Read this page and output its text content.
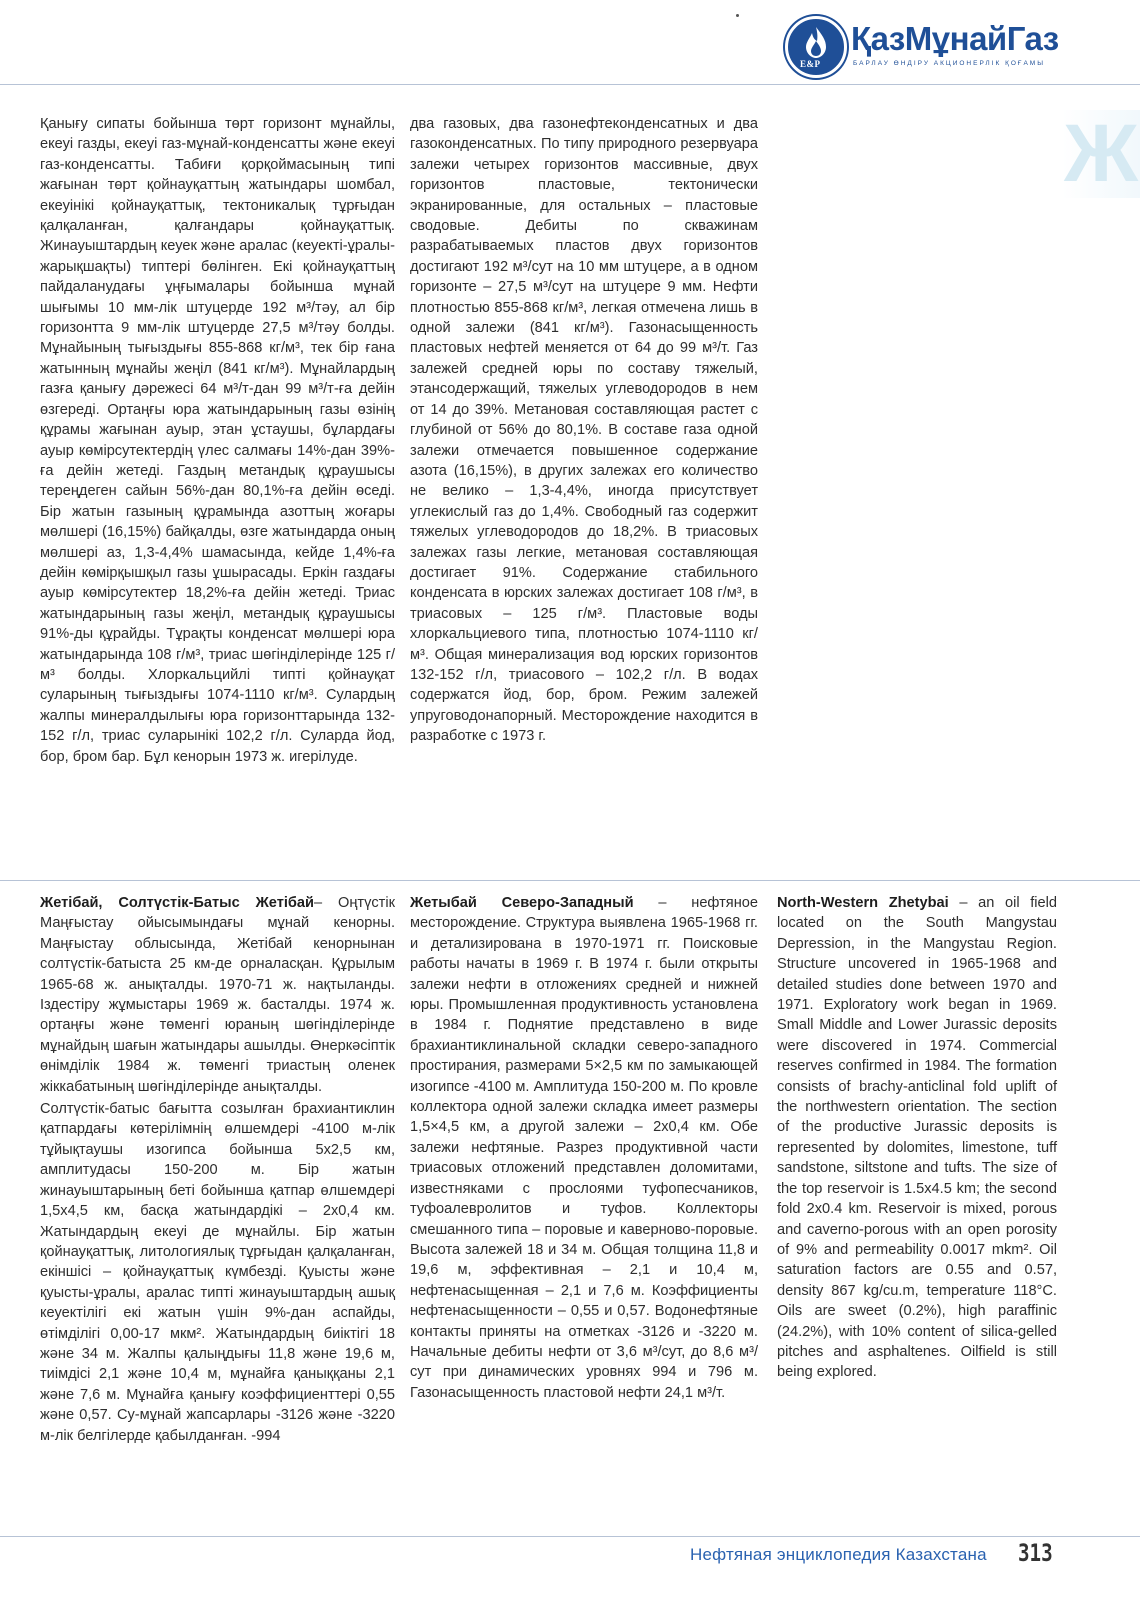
E&P
ҚазМұнайГаз
БАРЛАУ ӨНДІРУ АКЦИОНЕРЛІК ҚОҒАМЫ
Ж

Қанығу сипаты бойынша төрт горизонт мұнайлы, екеуі газды, екеуі газ-мұнай-конденсатты және екеуі газ-конденсатты. Табиғи қорқоймасының типі жағынан төрт қойнауқаттың жатындары шомбал, екеуінікі қойнауқаттық, тектоникалық тұрғыдан қалқаланған, қалғандары қойнауқаттық. Жинауыштардың кеуек және аралас (кеуекті-ұралы-жарықшақты) типтері бөлінген. Екі қойнауқаттың пайдаланудағы ұңғымалары бойынша мұнай шығымы 10 мм-лік штуцерде 192 м³/тәу, ал бір горизонтта 9 мм-лік штуцерде 27,5 м³/тәу болды. Мұнайының тығыздығы 855-868 кг/м³, тек бір ғана жатынның мұнайы жеңіл (841 кг/м³). Мұнайлардың газға қанығу дәрежесі 64 м³/т-дан 99 м³/т-ға дейін өзгереді. Ортаңғы юра жатындарының газы өзінің құрамы жағынан ауыр, этан ұстаушы, бұлардағы ауыр көмірсутектердің үлес салмағы 14%-дан 39%-ға дейін жетеді. Газдың метандық құраушысы тереңдеген сайын 56%-дан 80,1%-ға дейін өседі. Бір жатын газының құрамында азоттың жоғары мөлшері (16,15%) байқалды, өзге жатындарда оның мөлшері аз, 1,3-4,4% шамасында, кейде 1,4%-ға дейін көмірқышқыл газы ұшырасады. Еркін газдағы ауыр көмірсутектер 18,2%-ға дейін жетеді. Триас жатындарының газы жеңіл, метандық құраушысы 91%-ды құрайды. Тұрақты конденсат мөлшері юра жатындарында 108 г/м³, триас шөгінділерінде 125 г/м³ болды. Хлоркальцийлі типті қойнауқат суларының тығыздығы 1074-1110 кг/м³. Сулардың жалпы минералдылығы юра горизонттарында 132-152 г/л, триас суларынікі 102,2 г/л. Суларда йод, бор, бром бар. Бұл кенорын 1973 ж. игерілуде.

два газовых, два газонефтеконденсатных и два газоконденсатных. По типу природного резервуара залежи четырех горизонтов массивные, двух горизонтов пластовые, тектонически экранированные, для остальных – пластовые сводовые. Дебиты по скважинам разрабатываемых пластов двух горизонтов достигают 192 м³/сут на 10 мм штуцере, а в одном горизонте – 27,5 м³/сут на штуцере 9 мм. Нефти плотностью 855-868 кг/м³, легкая отмечена лишь в одной залежи (841 кг/м³). Газонасыщенность пластовых нефтей меняется от 64 до 99 м³/т. Газ залежей средней юры по составу тяжелый, этансодержащий, тяжелых углеводородов в нем от 14 до 39%. Метановая составляющая растет с глубиной от 56% до 80,1%. В составе газа одной залежи отмечается повышенное содержание азота (16,15%), в других залежах его количество не велико – 1,3-4,4%, иногда присутствует углекислый газ до 1,4%. Свободный газ содержит тяжелых углеводородов до 18,2%. В триасовых залежах газы легкие, метановая составляющая достигает 91%. Содержание стабильного конденсата в юрских залежах достигает 108 г/м³, в триасовых – 125 г/м³. Пластовые воды хлоркальциевого типа, плотностью 1074-1110 кг/м³. Общая минерализация вод юрских горизонтов 132-152 г/л, триасового – 102,2 г/л. В водах содержатся йод, бор, бром. Режим залежей упруговодонапорный. Месторождение находится в разработке с 1973 г.

Жетібай, Солтүстік-Батыс Жетібай– Оңтүстік Маңғыстау ойысымындағы мұнай кенорны. Маңғыстау облысында, Жетібай кенорнынан солтүстік-батыста 25 км-де орналасқан. Құрылым 1965-68 ж. анықталды. 1970-71 ж. нақтыланды. Іздестіру жұмыстары 1969 ж. басталды. 1974 ж. ортаңғы және төменгі юраның шөгінділерінде мұнайдың шағын жатындары ашылды. Өнеркәсіптік өнімділік 1984 ж. төменгі триастың оленек жіккабатының шөгінділерінде анықталды.

Солтүстік-батыс бағытта созылған брахиантиклин қатпардағы көтерілімнің өлшемдері -4100 м-лік тұйықтаушы изогипса бойынша 5х2,5 км, амплитудасы 150-200 м. Бір жатын жинауыштарының беті бойынша қатпар өлшемдері 1,5х4,5 км, басқа жатындардікі – 2х0,4 км. Жатындардың екеуі де мұнайлы. Бір жатын қойнауқаттық, литологиялық тұрғыдан қалқаланған, екіншісі – қойнауқаттық күмбезді. Қуысты және қуысты-ұралы, аралас типті жинауыштардың ашық кеуектілігі екі жатын үшін 9%-дан аспайды, өтімділігі 0,00-17 мкм². Жатындардың биіктігі 18 және 34 м. Жалпы қалыңдығы 11,8 және 19,6 м, тиімдісі 2,1 және 10,4 м, мұнайға қаныққаны 2,1 және 7,6 м. Мұнайға қанығу коэффициенттері 0,55 және 0,57. Су-мұнай жапсарлары -3126 және -3220 м-лік белгілерде қабылданған. -994

Жетыбай Северо-Западный – нефтяное месторождение. Структура выявлена 1965-1968 гг. и детализирована в 1970-1971 гг. Поисковые работы начаты в 1969 г. В 1974 г. были открыты залежи нефти в отложениях средней и нижней юры. Промышленная продуктивность установлена в 1984 г. Поднятие представлено в виде брахиантиклинальной складки северо-западного простирания, размерами 5×2,5 км по замыкающей изогипсе -4100 м. Амплитуда 150-200 м. По кровле коллектора одной залежи складка имеет размеры 1,5×4,5 км, а другой залежи – 2х0,4 км. Обе залежи нефтяные. Разрез продуктивной части триасовых отложений представлен доломитами, известняками с прослоями туфопесчаников, туфоалевролитов и туфов. Коллекторы смешанного типа – поровые и каверново-поровые. Высота залежей 18 и 34 м. Общая толщина 11,8 и 19,6 м, эффективная – 2,1 и 10,4 м, нефтенасыщенная – 2,1 и 7,6 м. Коэффициенты нефтенасыщенности – 0,55 и 0,57. Водонефтяные контакты приняты на отметках -3126 и -3220 м. Начальные дебиты нефти от 3,6 м³/сут, до 8,6 м³/сут при динамических уровнях 994 и 796 м. Газонасыщенность пластовой нефти 24,1 м³/т.

North-Western Zhetybai – an oil field located on the South Mangystau Depression, in the Mangystau Region. Structure uncovered in 1965-1968 and detailed studies done between 1970 and 1971. Exploratory work began in 1969. Small Middle and Lower Jurassic deposits were discovered in 1974. Commercial reserves confirmed in 1984. The formation consists of brachy-anticlinal fold uplift of the northwestern orientation. The section of the productive Jurassic deposits is represented by dolomites, limestone, tuff sandstone, siltstone and tufts. The size of the top reservoir is 1.5x4.5 km; the second fold 2x0.4 km. Reservoir is mixed, porous and caverno-porous with an open porosity of 9% and permeability 0.0017 mkm². Oil saturation factors are 0.55 and 0.57, density 867 kg/cu.m, temperature 118°C. Oils are sweet (0.2%), high paraffinic (24.2%), with 10% content of silica-gelled pitches and asphaltenes. Oilfield is still being explored.

Нефтяная энциклопедия Казахстана 313
